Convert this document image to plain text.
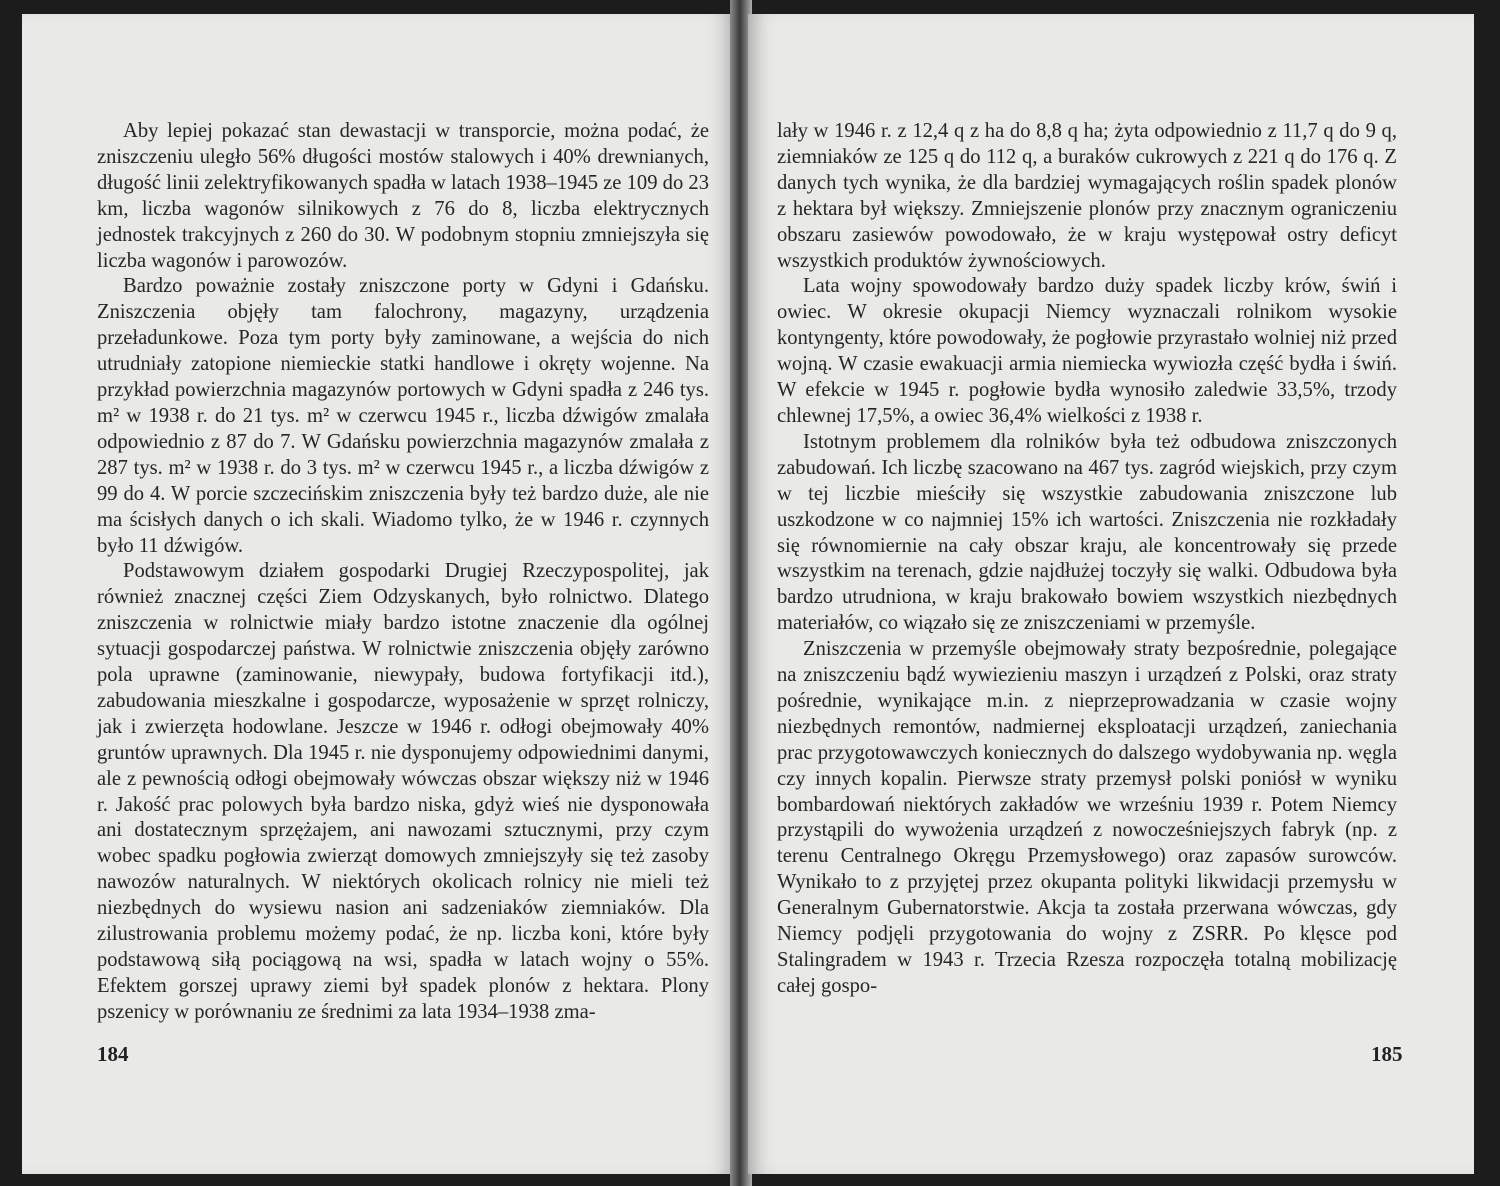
Aby lepiej pokazać stan dewastacji w transporcie, można podać, że zniszczeniu uległo 56% długości mostów stalowych i 40% drewnianych, długość linii zelektryfikowanych spadła w latach 1938–1945 ze 109 do 23 km, liczba wagonów silnikowych z 76 do 8, liczba elektrycznych jednostek trakcyjnych z 260 do 30. W podobnym stopniu zmniejszyła się liczba wagonów i parowozów.

Bardzo poważnie zostały zniszczone porty w Gdyni i Gdańsku. Zniszczenia objęły tam falochrony, magazyny, urządzenia przeładunkowe. Poza tym porty były zaminowane, a wejścia do nich utrudniały zatopione niemieckie statki handlowe i okręty wojenne. Na przykład powierzchnia magazynów portowych w Gdyni spadła z 246 tys. m² w 1938 r. do 21 tys. m² w czerwcu 1945 r., liczba dźwigów zmalała odpowiednio z 87 do 7. W Gdańsku powierzchnia magazynów zmalała z 287 tys. m² w 1938 r. do 3 tys. m² w czerwcu 1945 r., a liczba dźwigów z 99 do 4. W porcie szczecińskim zniszczenia były też bardzo duże, ale nie ma ścisłych danych o ich skali. Wiadomo tylko, że w 1946 r. czynnych było 11 dźwigów.

Podstawowym działem gospodarki Drugiej Rzeczypospolitej, jak również znacznej części Ziem Odzyskanych, było rolnictwo. Dlatego zniszczenia w rolnictwie miały bardzo istotne znaczenie dla ogólnej sytuacji gospodarczej państwa. W rolnictwie zniszczenia objęły zarówno pola uprawne (zaminowanie, niewypały, budowa fortyfikacji itd.), zabudowania mieszkalne i gospodarcze, wyposażenie w sprzęt rolniczy, jak i zwierzęta hodowlane. Jeszcze w 1946 r. odłogi obejmowały 40% gruntów uprawnych. Dla 1945 r. nie dysponujemy odpowiednimi danymi, ale z pewnością odłogi obejmowały wówczas obszar większy niż w 1946 r. Jakość prac polowych była bardzo niska, gdyż wieś nie dysponowała ani dostatecznym sprzężajem, ani nawozami sztucznymi, przy czym wobec spadku pogłowia zwierząt domowych zmniejszyły się też zasoby nawozów naturalnych. W niektórych okolicach rolnicy nie mieli też niezbędnych do wysiewu nasion ani sadzeniaków ziemniaków. Dla zilustrowania problemu możemy podać, że np. liczba koni, które były podstawową siłą pociągową na wsi, spadła w latach wojny o 55%. Efektem gorszej uprawy ziemi był spadek plonów z hektara. Plony pszenicy w porównaniu ze średnimi za lata 1934–1938 zma-

184

lały w 1946 r. z 12,4 q z ha do 8,8 q ha; żyta odpowiednio z 11,7 q do 9 q, ziemniaków ze 125 q do 112 q, a buraków cukrowych z 221 q do 176 q. Z danych tych wynika, że dla bardziej wymagających roślin spadek plonów z hektara był większy. Zmniejszenie plonów przy znacznym ograniczeniu obszaru zasiewów powodowało, że w kraju występował ostry deficyt wszystkich produktów żywnościowych.

Lata wojny spowodowały bardzo duży spadek liczby krów, świń i owiec. W okresie okupacji Niemcy wyznaczali rolnikom wysokie kontyngenty, które powodowały, że pogłowie przyrastało wolniej niż przed wojną. W czasie ewakuacji armia niemiecka wywiozła część bydła i świń. W efekcie w 1945 r. pogłowie bydła wynosiło zaledwie 33,5%, trzody chlewnej 17,5%, a owiec 36,4% wielkości z 1938 r.

Istotnym problemem dla rolników była też odbudowa zniszczonych zabudowań. Ich liczbę szacowano na 467 tys. zagród wiejskich, przy czym w tej liczbie mieściły się wszystkie zabudowania zniszczone lub uszkodzone w co najmniej 15% ich wartości. Zniszczenia nie rozkładały się równomiernie na cały obszar kraju, ale koncentrowały się przede wszystkim na terenach, gdzie najdłużej toczyły się walki. Odbudowa była bardzo utrudniona, w kraju brakowało bowiem wszystkich niezbędnych materiałów, co wiązało się ze zniszczeniami w przemyśle.

Zniszczenia w przemyśle obejmowały straty bezpośrednie, polegające na zniszczeniu bądź wywiezieniu maszyn i urządzeń z Polski, oraz straty pośrednie, wynikające m.in. z nieprzeprowadzania w czasie wojny niezbędnych remontów, nadmiernej eksploatacji urządzeń, zaniechania prac przygotowawczych koniecznych do dalszego wydobywania np. węgla czy innych kopalin. Pierwsze straty przemysł polski poniósł w wyniku bombardowań niektórych zakładów we wrześniu 1939 r. Potem Niemcy przystąpili do wywożenia urządzeń z nowocześniejszych fabryk (np. z terenu Centralnego Okręgu Przemysłowego) oraz zapasów surowców. Wynikało to z przyjętej przez okupanta polityki likwidacji przemysłu w Generalnym Gubernatorstwie. Akcja ta została przerwana wówczas, gdy Niemcy podjęli przygotowania do wojny z ZSRR. Po klęsce pod Stalingradem w 1943 r. Trzecia Rzesza rozpoczęła totalną mobilizację całej gospo-

185
